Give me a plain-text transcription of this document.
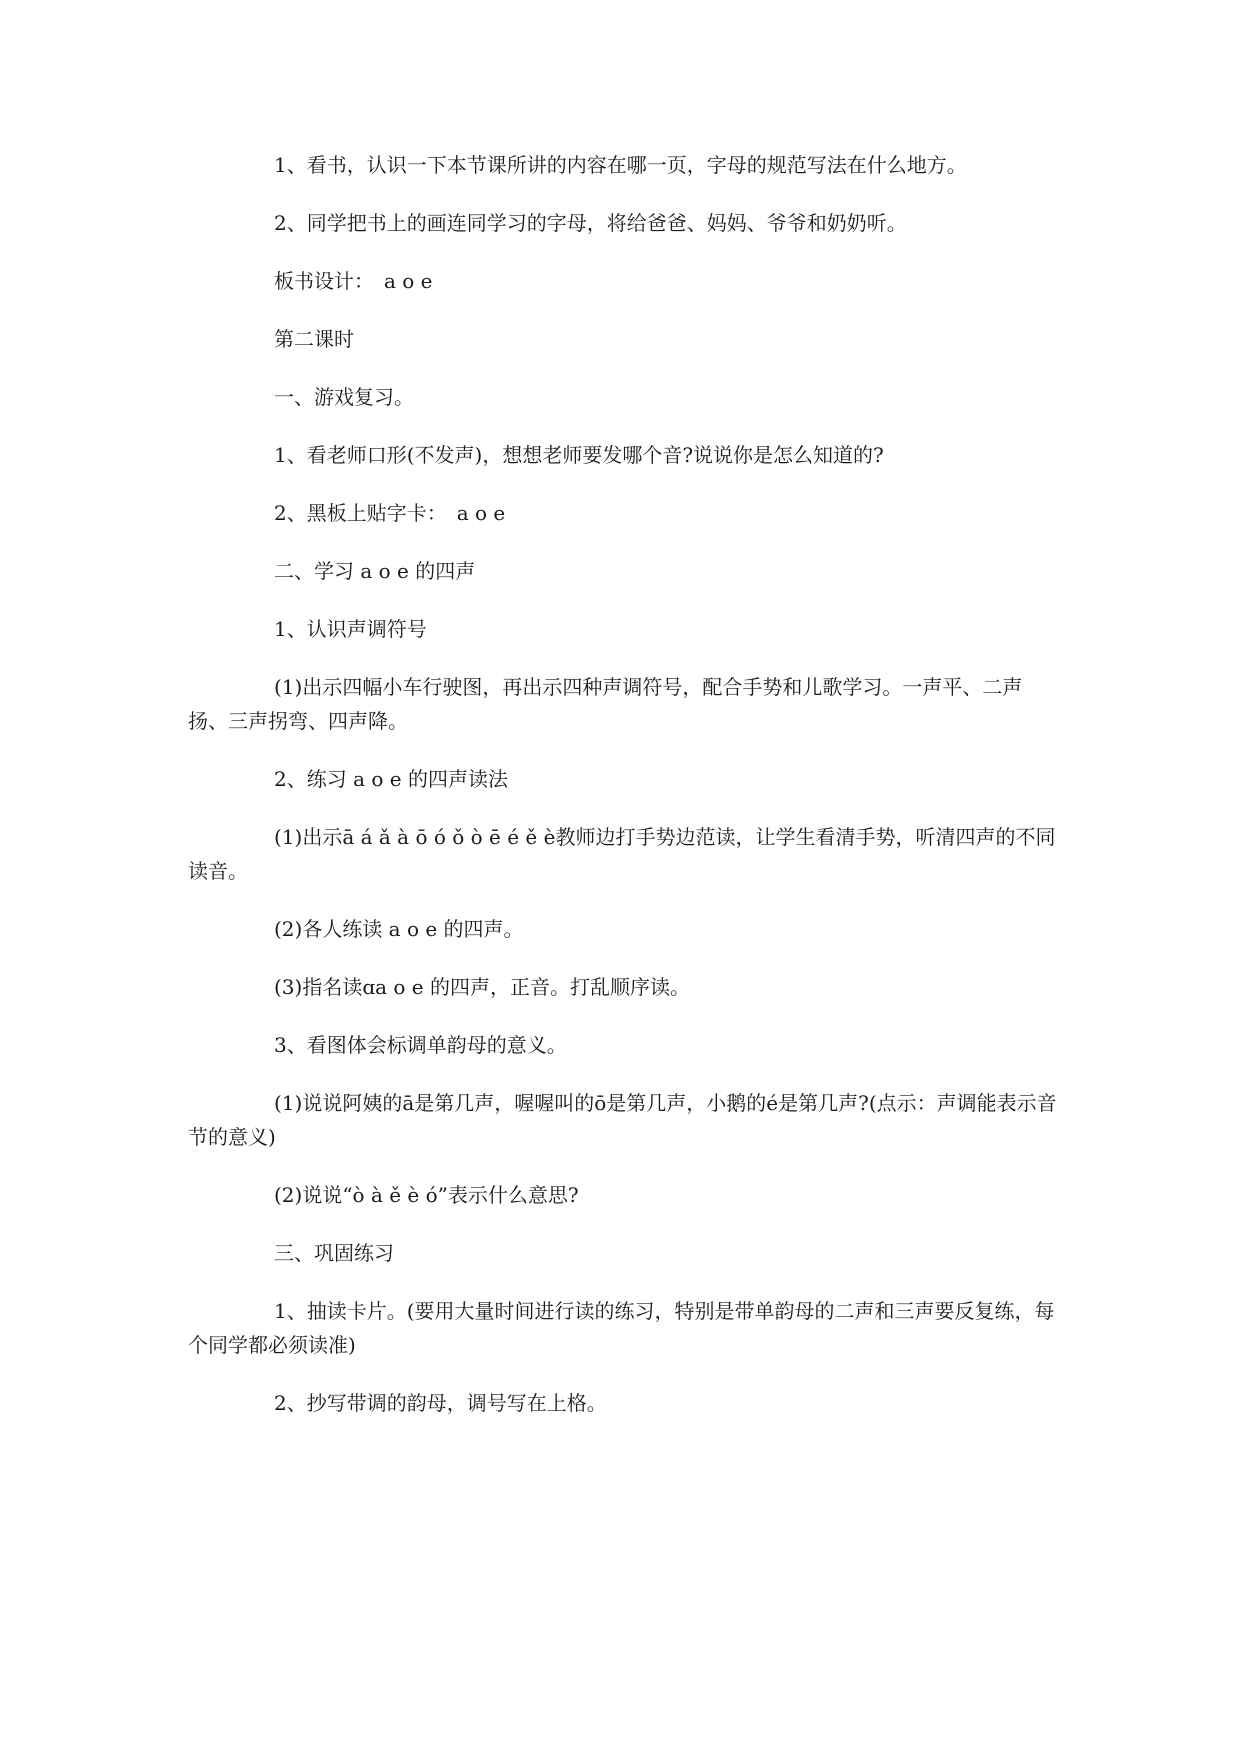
1、看书，认识一下本节课所讲的内容在哪一页，字母的规范写法在什么地方。

2、同学把书上的画连同学习的字母，将给爸爸、妈妈、爷爷和奶奶听。

板书设计：　a o e

第二课时

一、游戏复习。

1、看老师口形(不发声)，想想老师要发哪个音?说说你是怎么知道的?

2、黑板上贴字卡：　a o e

二、学习 a o e 的四声

1、认识声调符号

(1)出示四幅小车行驶图，再出示四种声调符号，配合手势和儿歌学习。一声平、二声扬、三声拐弯、四声降。

2、练习 a o e 的四声读法

(1)出示ā á ǎ à ō ó ǒ ò ē é ě è教师边打手势边范读，让学生看清手势，听清四声的不同读音。

(2)各人练读 a o e 的四声。

(3)指名读ɑa o e 的四声，正音。打乱顺序读。

3、看图体会标调单韵母的意义。

(1)说说阿姨的ā是第几声，喔喔叫的ō是第几声，小鹅的é是第几声?(点示：声调能表示音节的意义)

(2)说说“ò à ě è ó”表示什么意思?

三、巩固练习

1、抽读卡片。(要用大量时间进行读的练习，特别是带单韵母的二声和三声要反复练，每个同学都必须读准)

2、抄写带调的韵母，调号写在上格。
